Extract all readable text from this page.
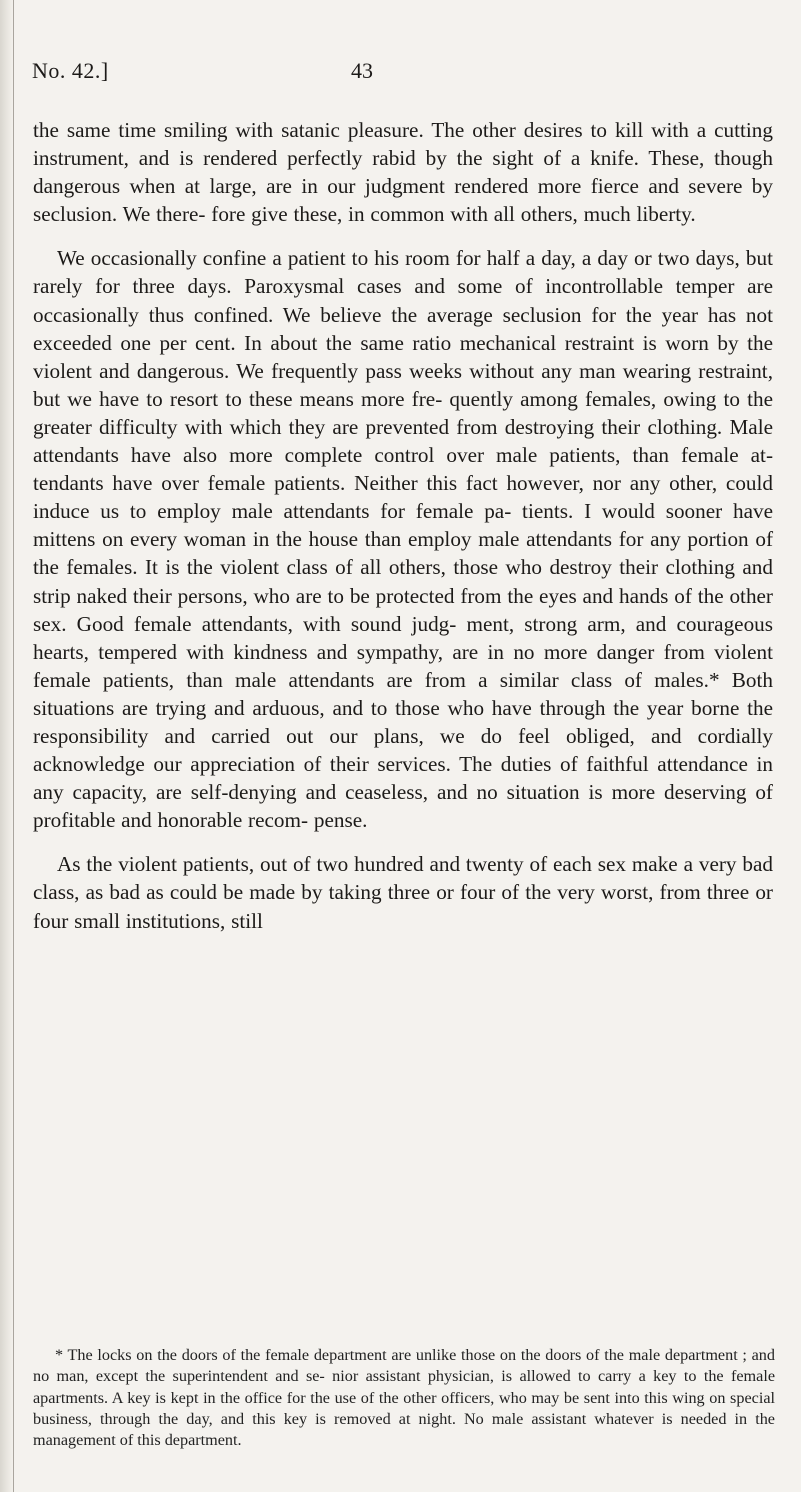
No. 42.]	43

the same time smiling with satanic pleasure. The other desires to kill with a cutting instrument, and is rendered perfectly rabid by the sight of a knife. These, though dangerous when at large, are in our judgment rendered more fierce and severe by seclusion. We there- fore give these, in common with all others, much liberty.

We occasionally confine a patient to his room for half a day, a day or two days, but rarely for three days. Paroxysmal cases and some of incontrollable temper are occasionally thus confined. We believe the average seclusion for the year has not exceeded one per cent. In about the same ratio mechanical restraint is worn by the violent and dangerous. We frequently pass weeks without any man wearing restraint, but we have to resort to these means more fre- quently among females, owing to the greater difficulty with which they are prevented from destroying their clothing. Male attendants have also more complete control over male patients, than female at- tendants have over female patients. Neither this fact however, nor any other, could induce us to employ male attendants for female pa- tients. I would sooner have mittens on every woman in the house than employ male attendants for any portion of the females. It is the violent class of all others, those who destroy their clothing and strip naked their persons, who are to be protected from the eyes and hands of the other sex. Good female attendants, with sound judg- ment, strong arm, and courageous hearts, tempered with kindness and sympathy, are in no more danger from violent female patients, than male attendants are from a similar class of males.* Both situations are trying and arduous, and to those who have through the year borne the responsibility and carried out our plans, we do feel obliged, and cordially acknowledge our appreciation of their services. The duties of faithful attendance in any capacity, are self-denying and ceaseless, and no situation is more deserving of profitable and honorable recom- pense.

As the violent patients, out of two hundred and twenty of each sex make a very bad class, as bad as could be made by taking three or four of the very worst, from three or four small institutions, still

* The locks on the doors of the female department are unlike those on the doors of the male department ; and no man, except the superintendent and se- nior assistant physician, is allowed to carry a key to the female apartments. A key is kept in the office for the use of the other officers, who may be sent into this wing on special business, through the day, and this key is removed at night. No male assistant whatever is needed in the management of this department.
